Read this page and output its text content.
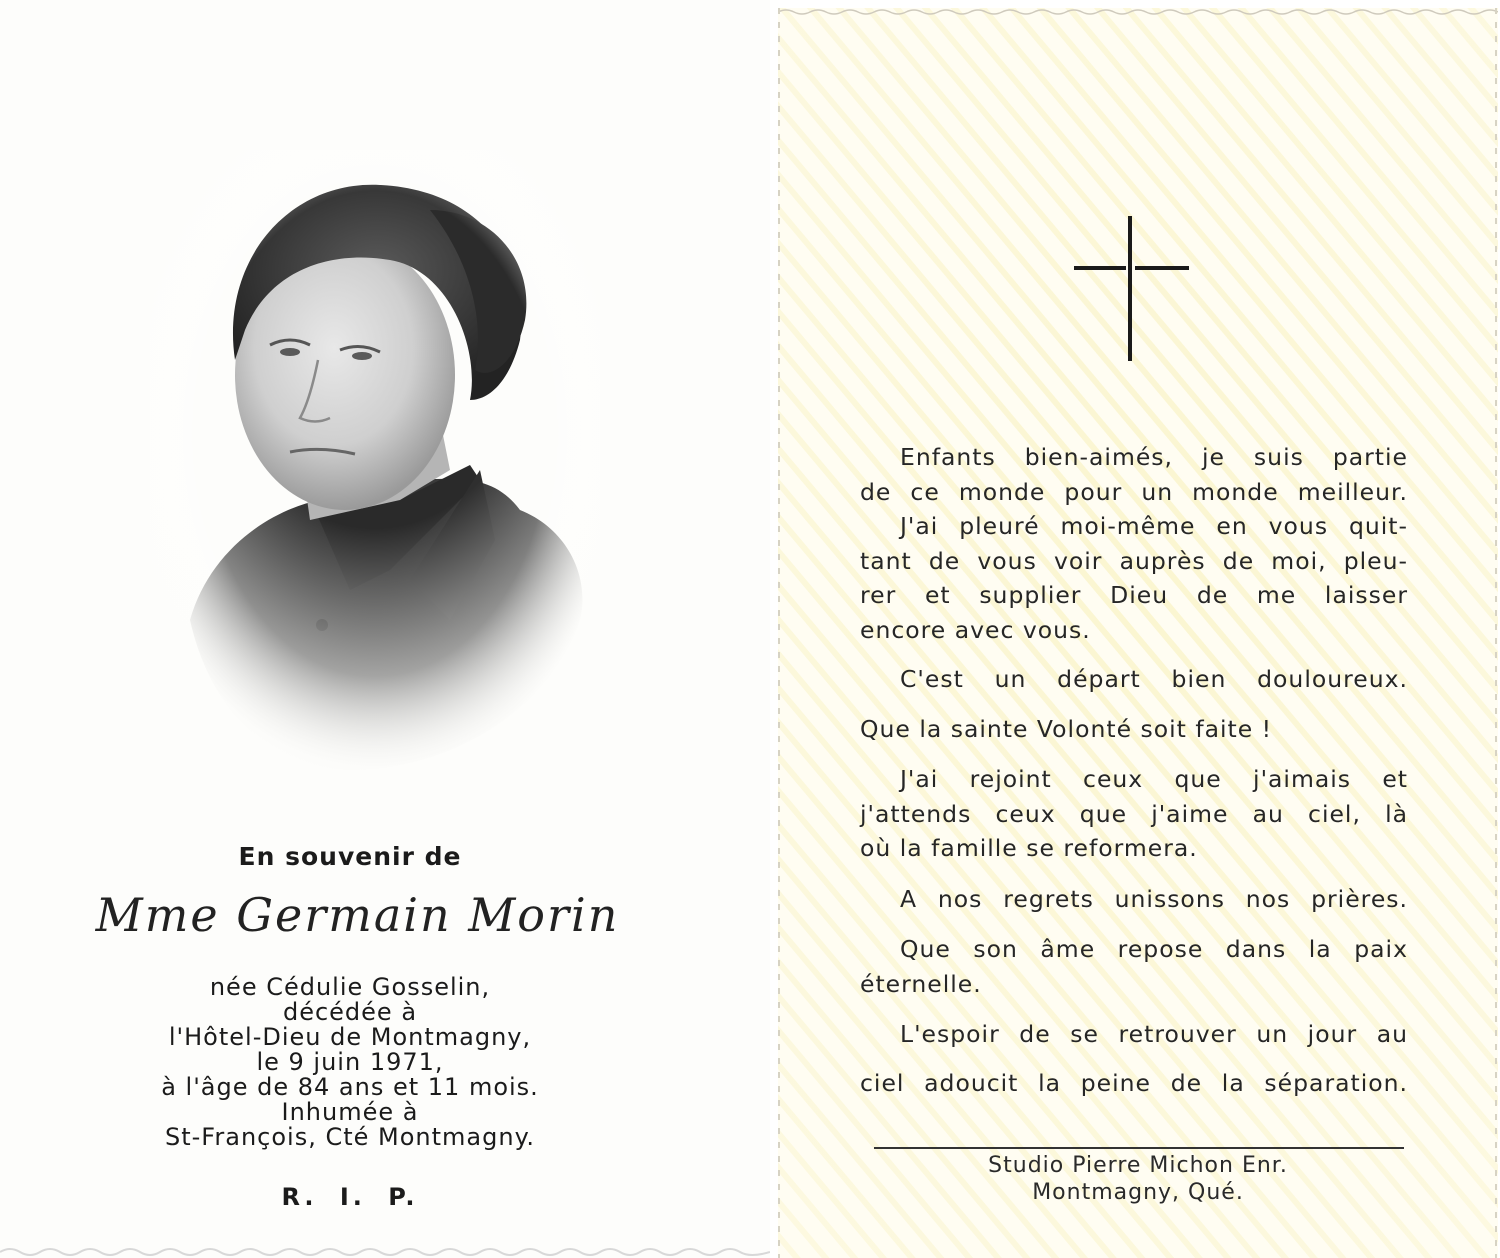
En souvenir de
Mme Germain Morin
née Cédulie Gosselin,
décédée à
l'Hôtel-Dieu de Montmagny,
le 9 juin 1971,
à l'âge de 84 ans et 11 mois.
Inhumée à
St-François, Cté Montmagny.
R. I. P.
Enfants bien-aimés, je suis partie
de ce monde pour un monde meilleur.
J'ai pleuré moi-même en vous quit-
tant de vous voir auprès de moi, pleu-
rer et supplier Dieu de me laisser
encore avec vous.
C'est un départ bien douloureux.
Que la sainte Volonté soit faite !
J'ai rejoint ceux que j'aimais et
j'attends ceux que j'aime au ciel, là
où la famille se reformera.
A nos regrets unissons nos prières.
Que son âme repose dans la paix
éternelle.
L'espoir de se retrouver un jour au
ciel adoucit la peine de la séparation.
Studio Pierre Michon Enr.
Montmagny, Qué.
